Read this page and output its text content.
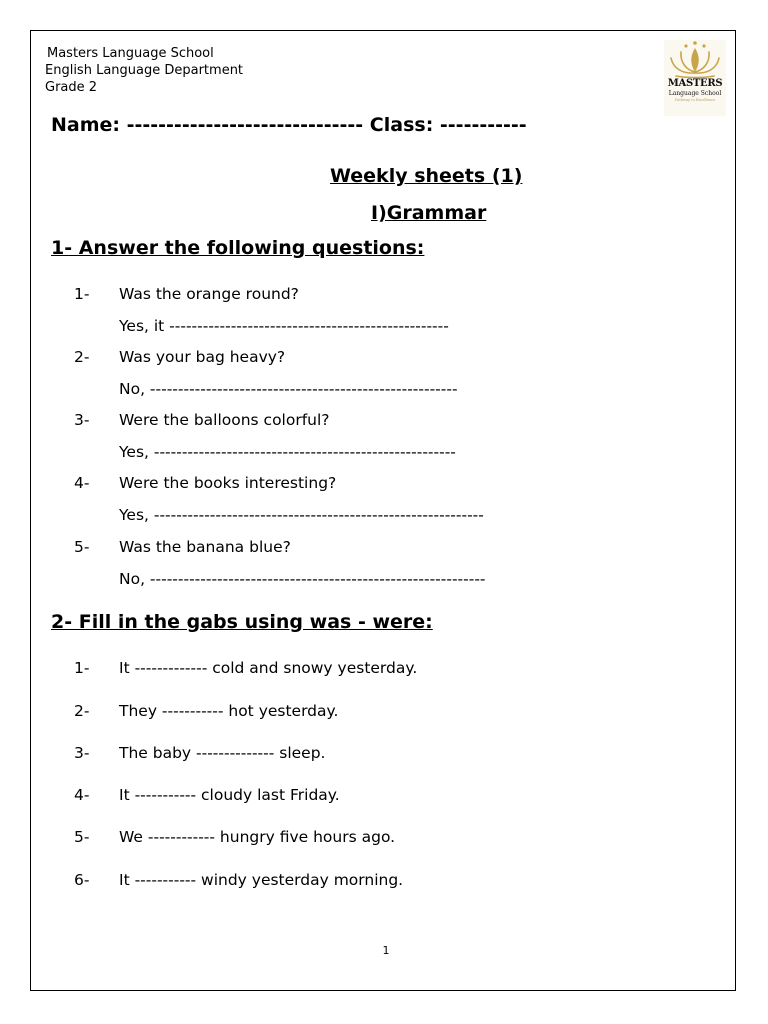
Masters Language School
English Language Department
Grade 2	MASTERS
Language School
Pathway to Excellence
Name: ------------------------------ Class: -----------
Weekly sheets (1)
I)Grammar
1- Answer the following questions:
1- Was the orange round?
Yes, it --------------------------------------------------
2- Was your bag heavy?
No, -------------------------------------------------------
3- Were the balloons colorful?
Yes, ------------------------------------------------------
4- Were the books interesting?
Yes, -----------------------------------------------------------
5- Was the banana blue?
No, ------------------------------------------------------------
2- Fill in the gabs using was - were:
1- It ------------- cold and snowy yesterday.
2- They ----------- hot yesterday.
3- The baby -------------- sleep.
4- It ----------- cloudy last Friday.
5- We ------------ hungry five hours ago.
6- It ----------- windy yesterday morning.
1
